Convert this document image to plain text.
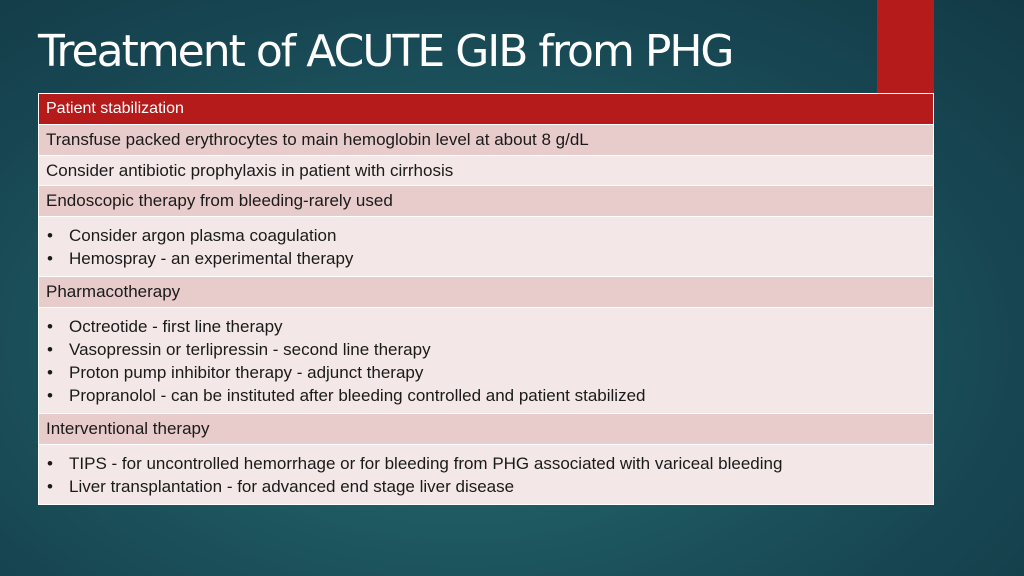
Treatment of ACUTE GIB from PHG
Patient stabilization
Transfuse packed erythrocytes to main hemoglobin level at about 8 g/dL
Consider antibiotic prophylaxis in patient with cirrhosis
Endoscopic therapy from bleeding-rarely used
• Consider argon plasma coagulation
• Hemospray - an experimental therapy
Pharmacotherapy
• Octreotide - first line therapy
• Vasopressin or terlipressin - second line therapy
• Proton pump inhibitor therapy - adjunct therapy
• Propranolol - can be instituted after bleeding controlled and patient stabilized
Interventional therapy
• TIPS - for uncontrolled hemorrhage or for bleeding from PHG associated with variceal bleeding
• Liver transplantation - for advanced end stage liver disease
